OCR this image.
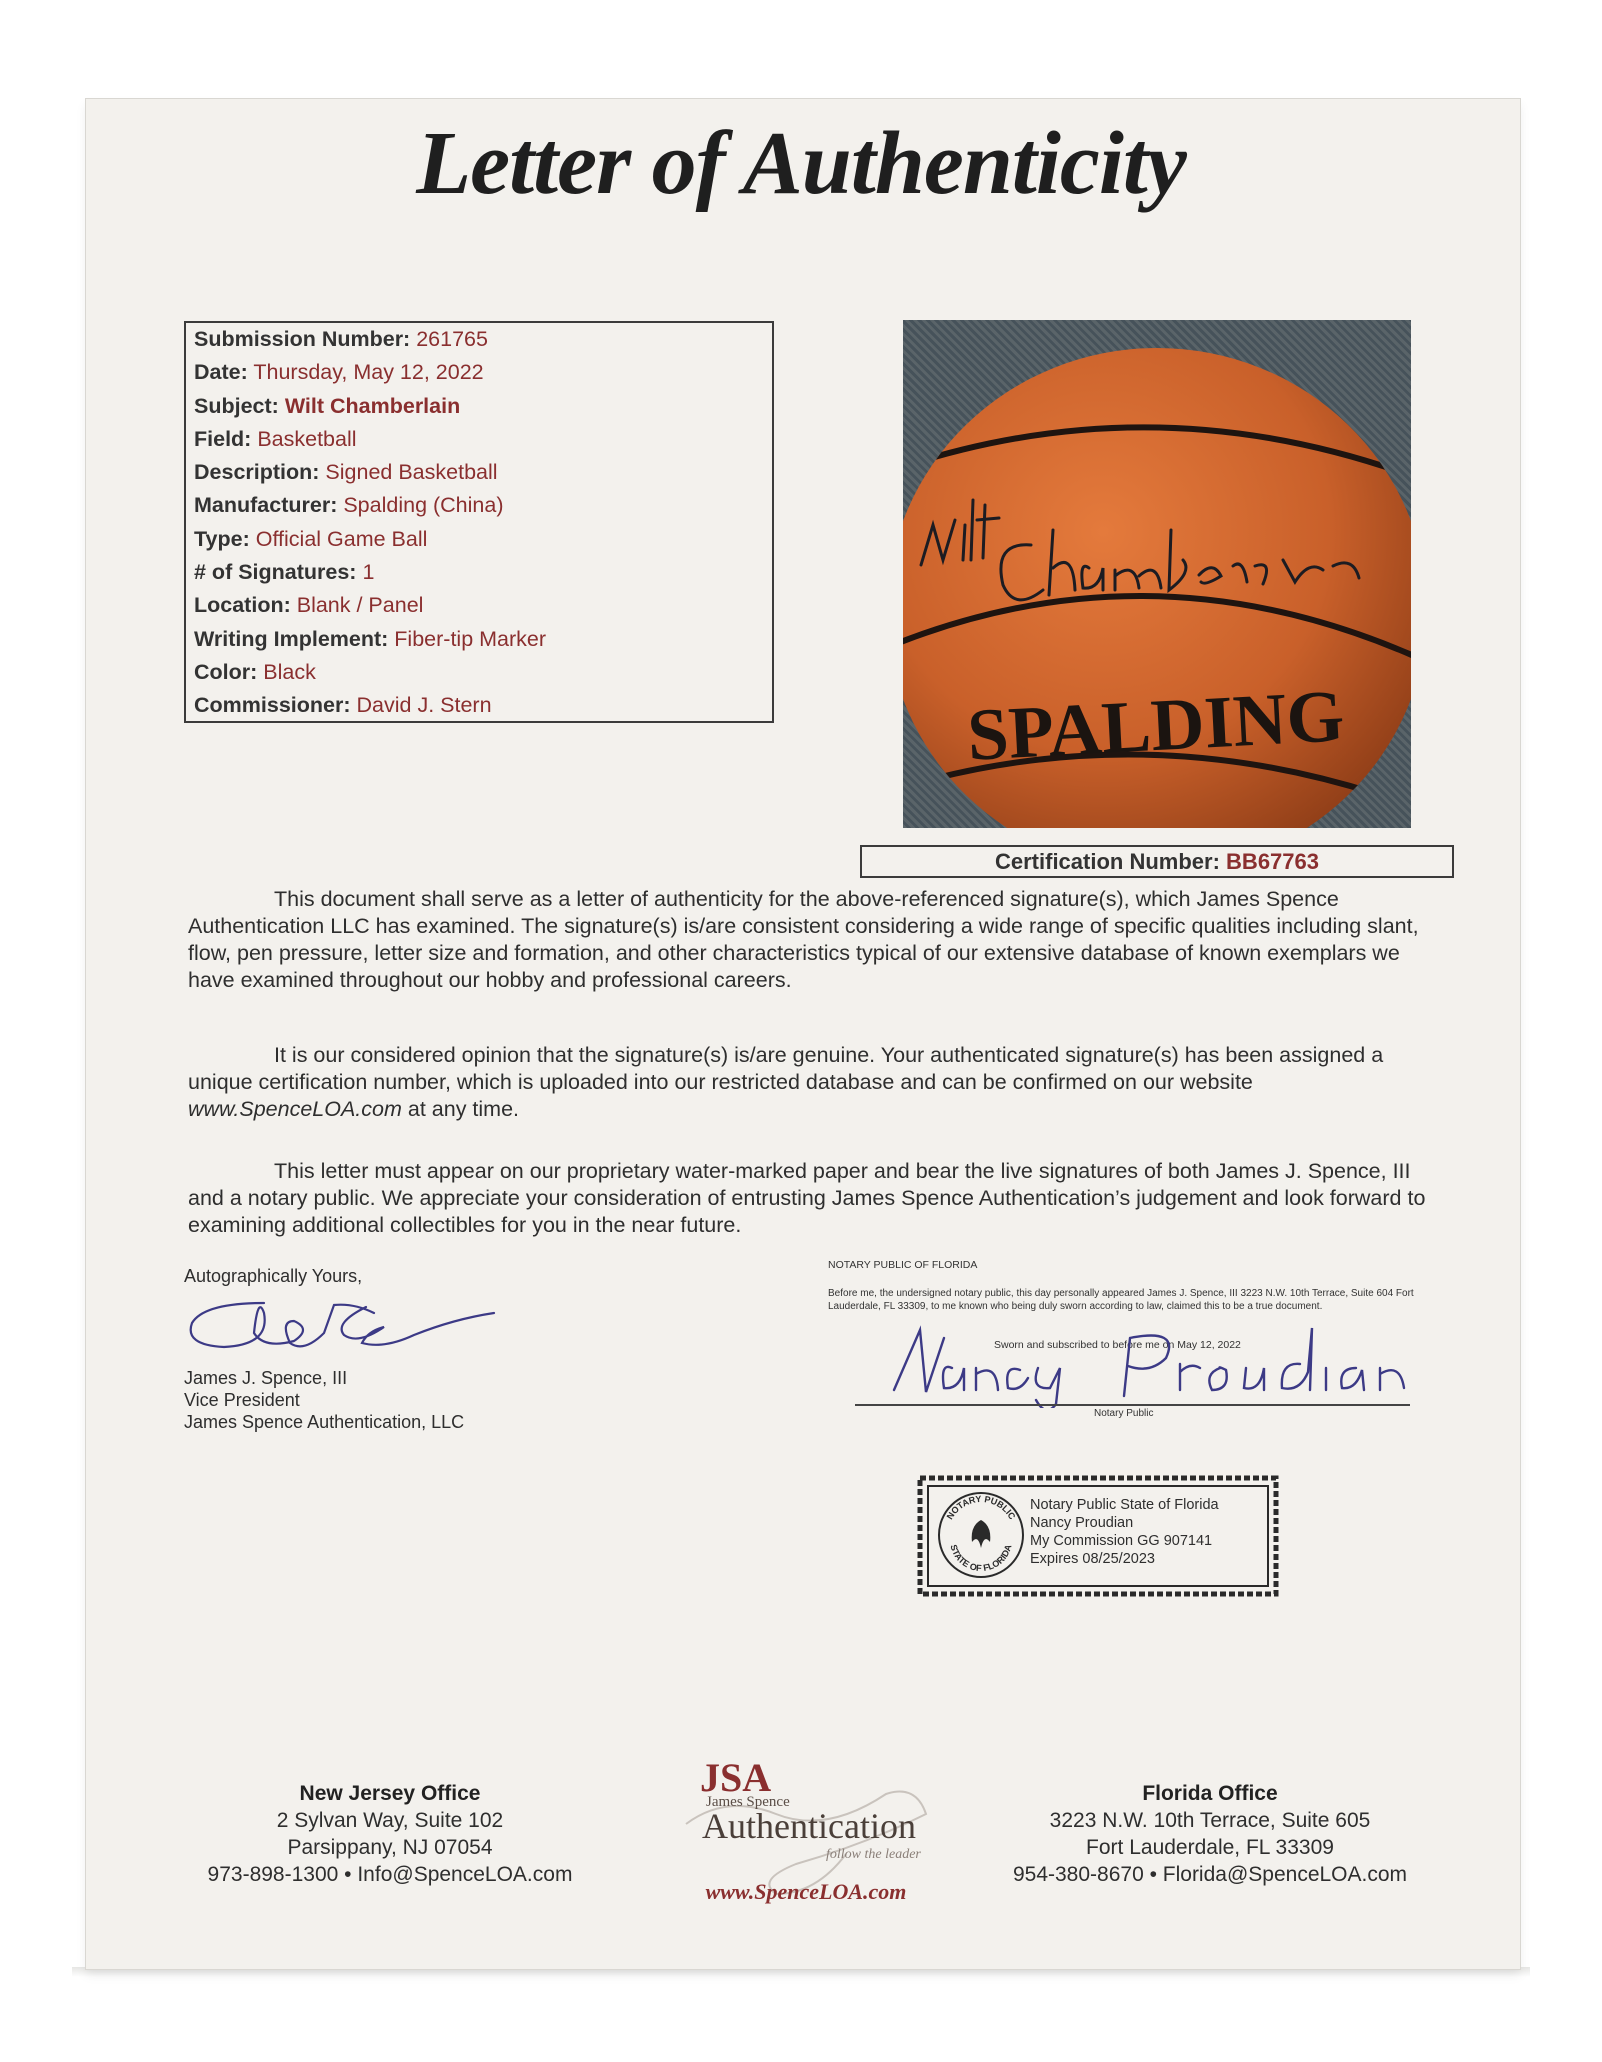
Letter of Authenticity
Submission Number: 261765
Date: Thursday, May 12, 2022
Subject: Wilt Chamberlain
Field: Basketball
Description: Signed Basketball
Manufacturer: Spalding (China)
Type: Official Game Ball
# of Signatures: 1
Location: Blank / Panel
Writing Implement: Fiber-tip Marker
Color: Black
Commissioner: David J. Stern	SPALDING
Certification Number: BB67763

This document shall serve as a letter of authenticity for the above-referenced signature(s), which James Spence Authentication LLC has examined. The signature(s) is/are consistent considering a wide range of specific qualities including slant, flow, pen pressure, letter size and formation, and other characteristics typical of our extensive database of known exemplars we have examined throughout our hobby and professional careers.

It is our considered opinion that the signature(s) is/are genuine. Your authenticated signature(s) has been assigned a unique certification number, which is uploaded into our restricted database and can be confirmed on our website www.SpenceLOA.com at any time.

This letter must appear on our proprietary water-marked paper and bear the live signatures of both James J. Spence, III and a notary public. We appreciate your consideration of entrusting James Spence Authentication’s judgement and look forward to examining additional collectibles for you in the near future.

Autographically Yours,
James J. Spence, III
Vice President
James Spence Authentication, LLC
NOTARY PUBLIC OF FLORIDA
Before me, the undersigned notary public, this day personally appeared James J. Spence, III 3223 N.W. 10th Terrace, Suite 604 Fort Lauderdale, FL 33309, to me known who being duly sworn according to law, claimed this to be a true document.
Sworn and subscribed to before me on May 12, 2022
Notary Public
NOTARY PUBLIC
STATE OF FLORIDA
Notary Public State of Florida
Nancy Proudian
My Commission GG 907141
Expires 08/25/2023
New Jersey Office
2 Sylvan Way, Suite 102
Parsippany, NJ 07054
973-898-1300 • Info@SpenceLOA.com
JSA
James Spence
Authentication
follow the leader
www.SpenceLOA.com
Florida Office
3223 N.W. 10th Terrace, Suite 605
Fort Lauderdale, FL 33309
954-380-8670 • Florida@SpenceLOA.com
